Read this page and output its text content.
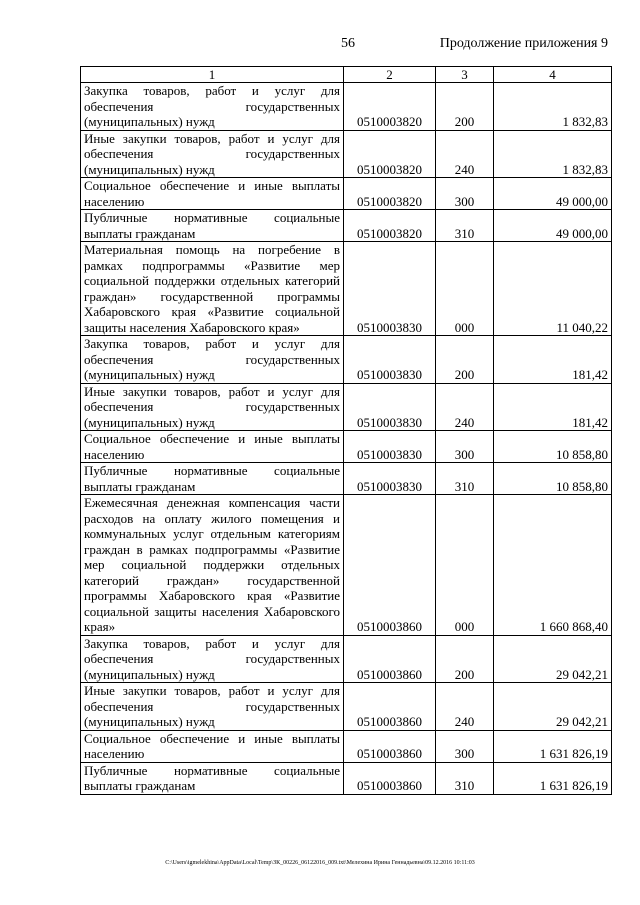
56	Продолжение приложения 9
1	2	3	4
Закупка товаров, работ и услуг для обеспечения государственных (муниципальных) нужд	0510003820	200	1 832,83
Иные закупки товаров, работ и услуг для обеспечения государственных (муниципальных) нужд	0510003820	240	1 832,83
Социальное обеспечение и иные выплаты населению	0510003820	300	49 000,00
Публичные нормативные социальные выплаты гражданам	0510003820	310	49 000,00
Материальная помощь на погребение в рамках подпрограммы «Развитие мер социальной поддержки отдельных категорий граждан» государственной программы Хабаровского края «Развитие социальной защиты населения Хабаровского края»	0510003830	000	11 040,22
Закупка товаров, работ и услуг для обеспечения государственных (муниципальных) нужд	0510003830	200	181,42
Иные закупки товаров, работ и услуг для обеспечения государственных (муниципальных) нужд	0510003830	240	181,42
Социальное обеспечение и иные выплаты населению	0510003830	300	10 858,80
Публичные нормативные социальные выплаты гражданам	0510003830	310	10 858,80
Ежемесячная денежная компенсация части расходов на оплату жилого помещения и коммунальных услуг отдельным категориям граждан в рамках подпрограммы «Развитие мер социальной поддержки отдельных категорий граждан» государственной программы Хабаровского края «Развитие социальной защиты населения Хабаровского края»	0510003860	000	1 660 868,40
Закупка товаров, работ и услуг для обеспечения государственных (муниципальных) нужд	0510003860	200	29 042,21
Иные закупки товаров, работ и услуг для обеспечения государственных (муниципальных) нужд	0510003860	240	29 042,21
Социальное обеспечение и иные выплаты населению	0510003860	300	1 631 826,19
Публичные нормативные социальные выплаты гражданам	0510003860	310	1 631 826,19
C:\Users\igmelekhina\AppData\Local\Temp\ЗК_00226_06122016_009.txt\Мелехина Ирина Геннадьевна\09.12.2016 10:11:03
